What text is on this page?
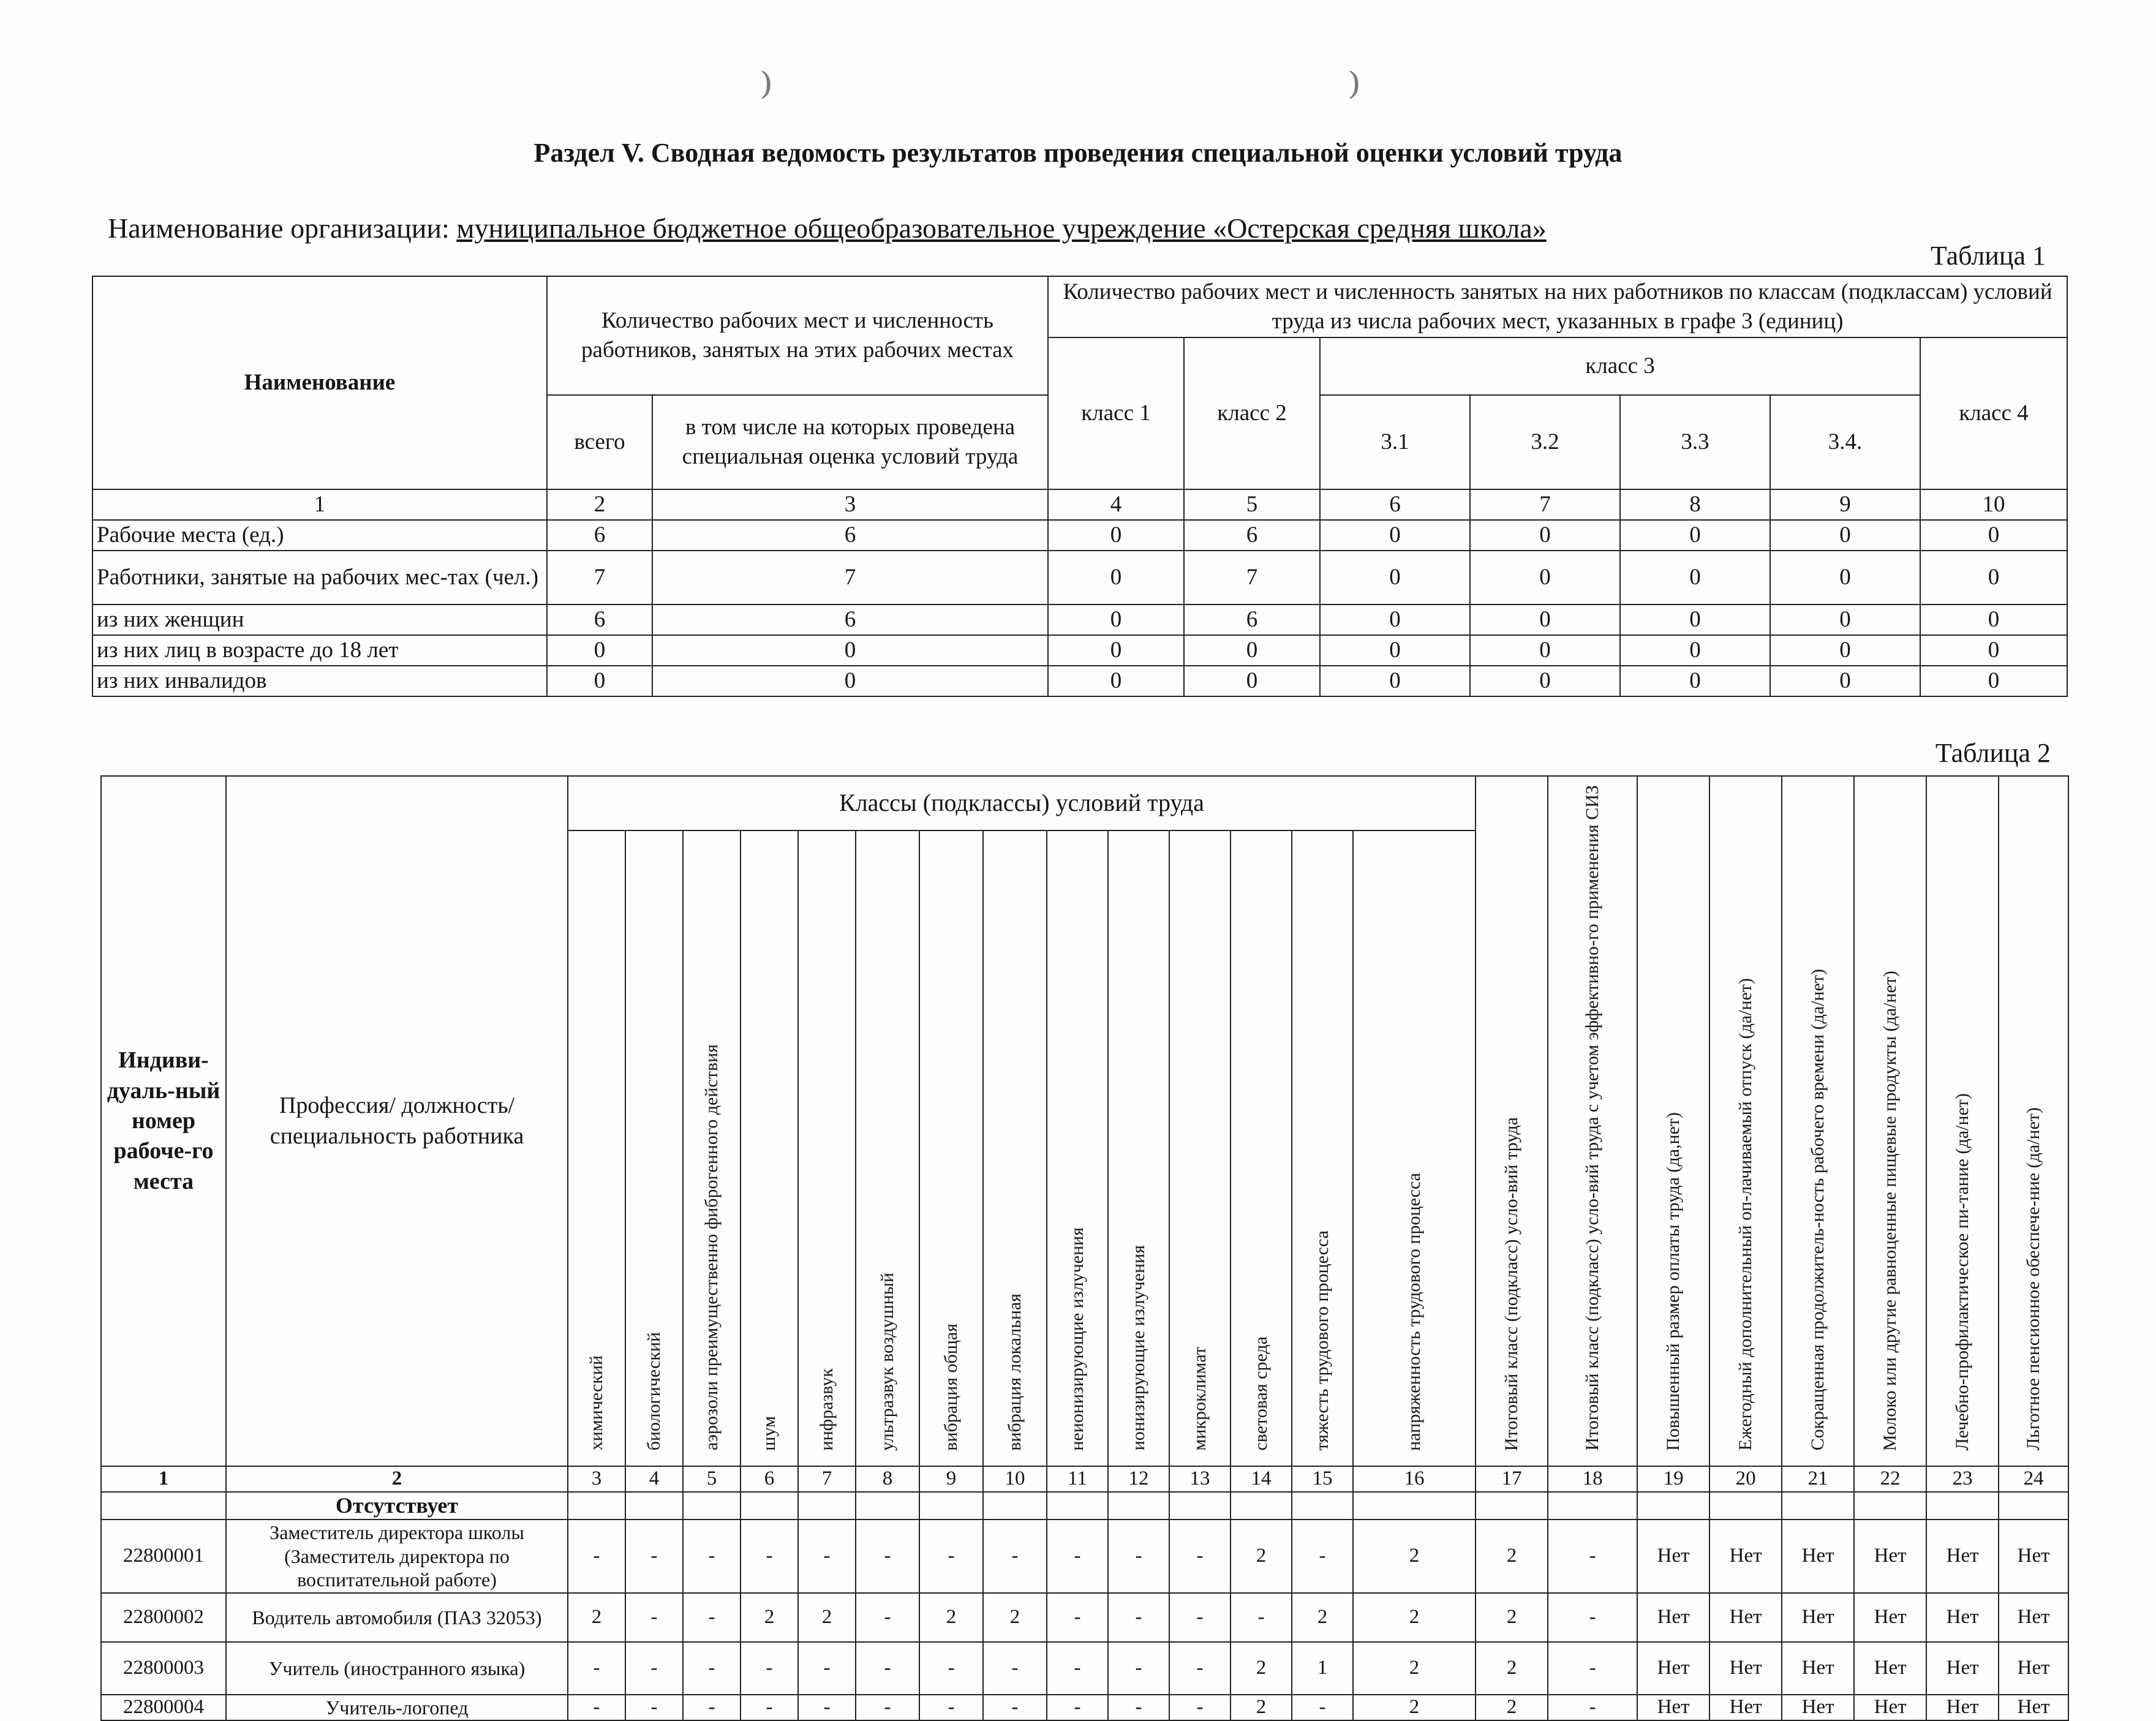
⁾	⁾
Раздел V. Сводная ведомость результатов проведения специальной оценки условий труда

Наименование организации: муниципальное бюджетное общеобразовательное учреждение «Остерская средняя школа»

Таблица 1

Наименование	Количество рабочих мест и численность работников, занятых на этих рабочих местах		Количество рабочих мест и численность занятых на них работников по классам (подклассам) условий труда из числа рабочих мест, указанных в графе 3 (единиц)						
			класс 1	класс 2	класс 3				класс 4
	всего	в том числе на которых проведена специальная оценка условий труда			3.1	3.2	3.3	3.4.	
1	2	3	4	5	6	7	8	9	10
Рабочие места (ед.)	6	6	0	6	0	0	0	0	0
Работники, занятые на рабочих мес-тах (чел.)	7	7	0	7	0	0	0	0	0
из них женщин	6	6	0	6	0	0	0	0	0
из них лиц в возрасте до 18 лет	0	0	0	0	0	0	0	0	0
из них инвалидов	0	0	0	0	0	0	0	0	0

Таблица 2

Индиви-дуаль-ный номер рабоче-го места	Профессия/ должность/ специальность работника	Классы (подклассы) условий труда														Итоговый класс (подкласс) усло-вий труда	Итоговый класс (подкласс) усло-вий труда с учетом эффективно-го применения СИЗ	Повышенный размер оплаты труда (да,нет)	Ежегодный дополнительный оп-лачиваемый отпуск (да/нет)	Сокращенная продолжитель-ность рабочего времени (да/нет)	Молоко или другие равноценные пищевые продукты (да/нет)	Лечебно-профилактическое пи-тание (да/нет)	Льготное пенсионное обеспече-ние (да/нет)
		химический	биологический	аэрозоли преимущественно фиброгенного действия	шум	инфразвук	ультразвук воздушный	вибрация общая	вибрация локальная	неионизирующие излучения	ионизирующие излучения	микроклимат	световая среда	тяжесть трудового процесса	напряженность трудового процесса								
1	2	3	4	5	6	7	8	9	10	11	12	13	14	15	16	17	18	19	20	21	22	23	24
	Отсутствует																						
22800001	Заместитель директора школы (Заместитель директора по воспитательной работе)	-	-	-	-	-	-	-	-	-	-	-	2	-	2	2	-	Нет	Нет	Нет	Нет	Нет	Нет
22800002	Водитель автомобиля (ПАЗ 32053)	2	-	-	2	2	-	2	2	-	-	-	-	2	2	2	-	Нет	Нет	Нет	Нет	Нет	Нет
22800003	Учитель (иностранного языка)	-	-	-	-	-	-	-	-	-	-	-	2	1	2	2	-	Нет	Нет	Нет	Нет	Нет	Нет
22800004	Учитель-логопед	-	-	-	-	-	-	-	-	-	-	-	2	-	2	2	-	Нет	Нет	Нет	Нет	Нет	Нет
